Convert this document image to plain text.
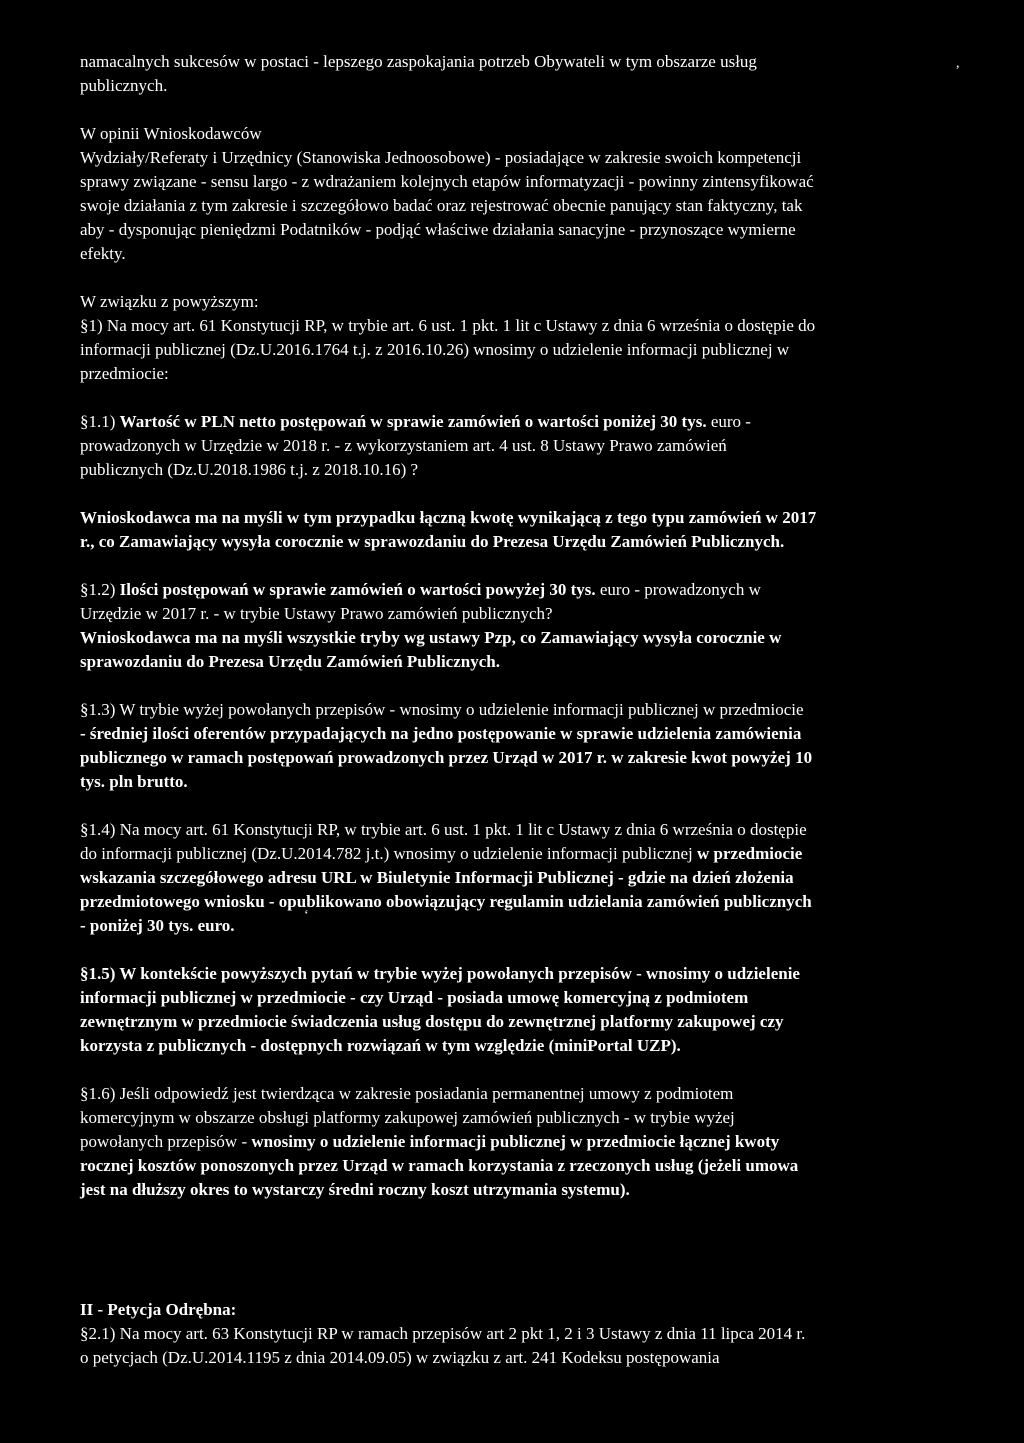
namacalnych sukcesów w postaci - lepszego zaspokajania potrzeb Obywateli w tym obszarze usług
publicznych.
W opinii Wnioskodawców
Wydziały/Referaty i Urzędnicy (Stanowiska Jednoosobowe) - posiadające w zakresie swoich kompetencji
sprawy związane - sensu largo - z wdrażaniem kolejnych etapów informatyzacji - powinny zintensyfikować
swoje działania z tym zakresie i szczegółowo badać oraz rejestrować obecnie panujący stan faktyczny, tak
aby - dysponując pieniędzmi Podatników - podjąć właściwe działania sanacyjne - przynoszące wymierne
efekty.
W związku z powyższym:
§1) Na mocy art. 61 Konstytucji RP, w trybie art. 6 ust. 1 pkt. 1 lit c Ustawy z dnia 6 września o dostępie do
informacji publicznej (Dz.U.2016.1764 t.j. z 2016.10.26) wnosimy o udzielenie informacji publicznej w
przedmiocie:
§1.1) Wartość w PLN netto postępowań w sprawie zamówień o wartości poniżej 30 tys. euro -
prowadzonych w Urzędzie w 2018 r. - z wykorzystaniem art. 4 ust. 8 Ustawy Prawo zamówień
publicznych (Dz.U.2018.1986 t.j. z 2018.10.16) ?
Wnioskodawca ma na myśli w tym przypadku łączną kwotę wynikającą z tego typu zamówień w 2017
r., co Zamawiający wysyła corocznie w sprawozdaniu do Prezesa Urzędu Zamówień Publicznych.
§1.2) Ilości postępowań w sprawie zamówień o wartości powyżej 30 tys. euro - prowadzonych w
Urzędzie w 2017 r. - w trybie Ustawy Prawo zamówień publicznych?
Wnioskodawca ma na myśli wszystkie tryby wg ustawy Pzp, co Zamawiający wysyła corocznie w
sprawozdaniu do Prezesa Urzędu Zamówień Publicznych.
§1.3) W trybie wyżej powołanych przepisów - wnosimy o udzielenie informacji publicznej w przedmiocie
- średniej ilości oferentów przypadających na jedno postępowanie w sprawie udzielenia zamówienia
publicznego w ramach postępowań prowadzonych przez Urząd w 2017 r. w zakresie kwot powyżej 10
tys. pln brutto.
§1.4) Na mocy art. 61 Konstytucji RP, w trybie art. 6 ust. 1 pkt. 1 lit c Ustawy z dnia 6 września o dostępie
do informacji publicznej (Dz.U.2014.782 j.t.) wnosimy o udzielenie informacji publicznej w przedmiocie
wskazania szczegółowego adresu URL w Biuletynie Informacji Publicznej - gdzie na dzień złożenia
przedmiotowego wniosku - opublikowano obowiązujący regulamin udzielania zamówień publicznych
- poniżej 30 tys. euro.
§1.5) W kontekście powyższych pytań w trybie wyżej powołanych przepisów - wnosimy o udzielenie
informacji publicznej w przedmiocie - czy Urząd - posiada umowę komercyjną z podmiotem
zewnętrznym w przedmiocie świadczenia usług dostępu do zewnętrznej platformy zakupowej czy
korzysta z publicznych - dostępnych rozwiązań w tym względzie (miniPortal UZP).
§1.6) Jeśli odpowiedź jest twierdząca w zakresie posiadania permanentnej umowy z podmiotem
komercyjnym w obszarze obsługi platformy zakupowej zamówień publicznych - w trybie wyżej
powołanych przepisów - wnosimy o udzielenie informacji publicznej w przedmiocie łącznej kwoty
rocznej kosztów ponoszonych przez Urząd w ramach korzystania z rzeczonych usług (jeżeli umowa
jest na dłuższy okres to wystarczy średni roczny koszt utrzymania systemu).
II - Petycja Odrębna:
§2.1) Na mocy art. 63 Konstytucji RP w ramach przepisów art 2 pkt 1, 2 i 3 Ustawy z dnia 11 lipca 2014 r.
o petycjach (Dz.U.2014.1195 z dnia 2014.09.05) w związku z art. 241 Kodeksu postępowania
,
‘
